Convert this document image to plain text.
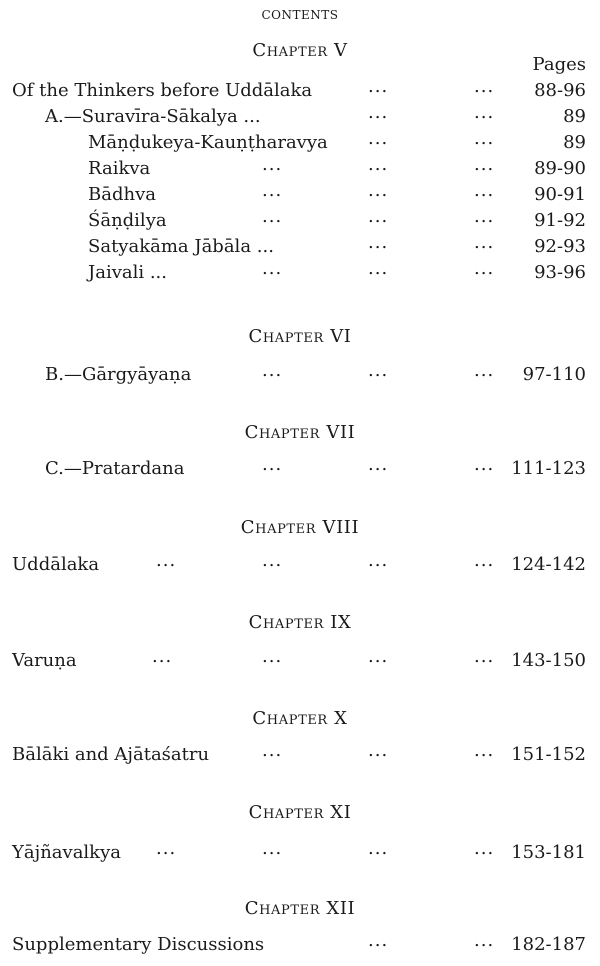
CONTENTS
Pages
Chapter V
Of the Thinkers before Uddālaka	...	... 88-96
A.—Suravīra-Sākalya ...	...	...	89
Māṇḍukeya-Kauṇṭharavya ...	...	89
Raikva	...	...	... 89-90
Bādhva	...	...	... 90-91
Śāṇḍilya	...	...	... 91-92
Satyakāma Jābāla ...	...	... 92-93
Jaivali ...	...	...	... 93-96
Chapter VI
B.—Gārgyāyaṇa	...	...	... 97-110
Chapter VII
C.—Pratardana	...	...	... 111-123
Chapter VIII
Uddālaka	...	...	...	... 124-142
Chapter IX
Varuṇa	...	...	...	... 143-150
Chapter X
Bālāki and Ajātaśatru	...	...	... 151-152
Chapter XI
Yājñavalkya ...	...	...	... 153-181
Chapter XII
Supplementary Discussions	...	... 182-187
